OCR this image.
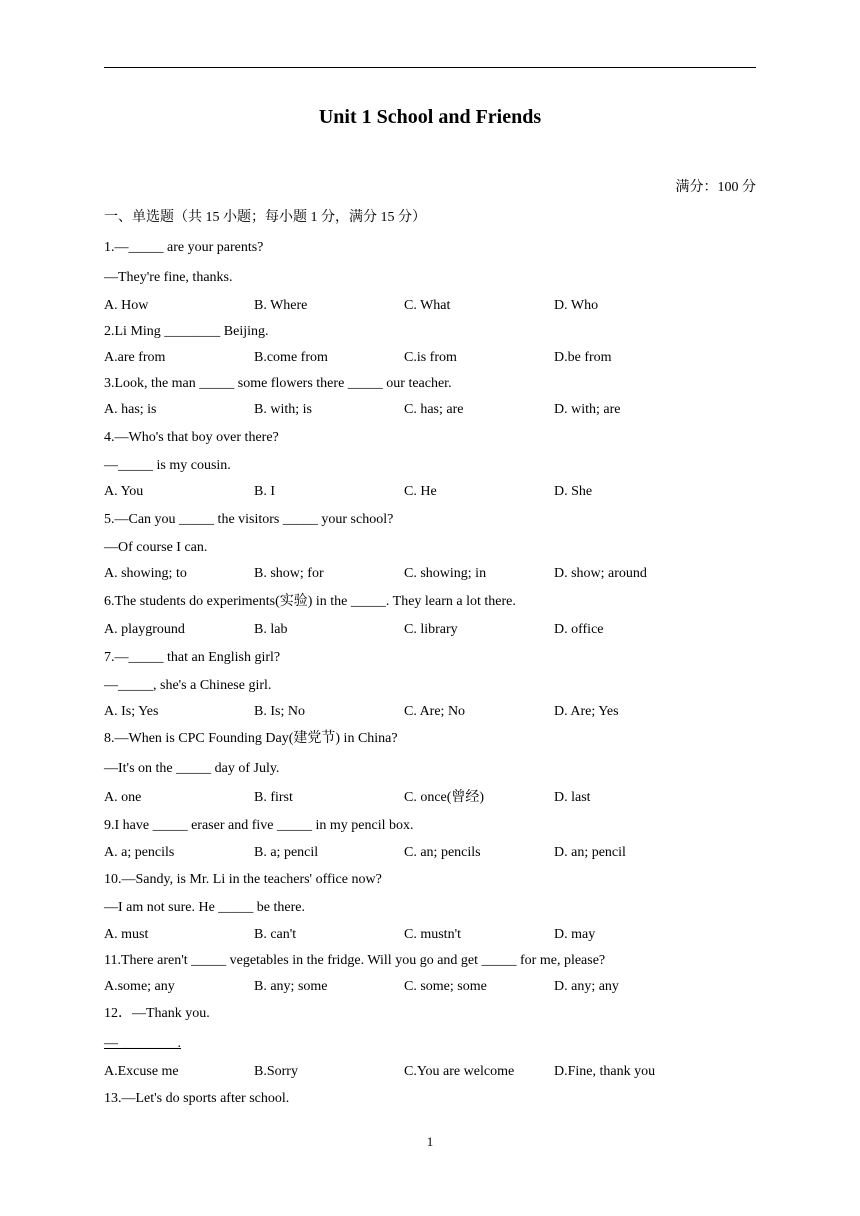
Unit 1 School and Friends
满分：100 分
一、单选题（共 15 小题；每小题 1 分，满分 15 分）
1.—_____ are your parents?
—They're fine, thanks.
A. How	B. Where	C. What	D. Who
2.Li Ming ________ Beijing.
A.are from	B.come from	C.is from	D.be from
3.Look, the man _____ some flowers there _____ our teacher.
A. has; is	B. with; is	C. has; are	D. with; are
4.—Who's that boy over there?
—_____ is my cousin.
A. You	B. I	C. He	D. She
5.—Can you _____ the visitors _____ your school?
—Of course I can.
A. showing; to	B. show; for	C. showing; in	D. show; around
6.The students do experiments(实验) in the _____. They learn a lot there.
A. playground	B. lab	C. library	D. office
7.—_____ that an English girl?
—_____, she's a Chinese girl.
A. Is; Yes	B. Is; No	C. Are; No	D. Are; Yes
8.—When is CPC Founding Day(建党节) in China?
—It's on the _____ day of July.
A. one	B. first	C. once(曾经)	D. last
9.I have _____ eraser and five _____ in my pencil box.
A. a; pencils	B. a; pencil	C. an; pencils	D. an; pencil
10.—Sandy, is Mr. Li in the teachers' office now?
—I am not sure. He _____ be there.
A. must	B. can't	C. mustn't	D. may
11.There aren't _____ vegetables in the fridge. Will you go and get _____ for me, please?
A.some; any	B. any; some	C. some; some	D. any; any
12．—Thank you.
— ________.
A.Excuse me	B.Sorry	C.You are welcome	D.Fine, thank you
13.—Let's do sports after school.
1
